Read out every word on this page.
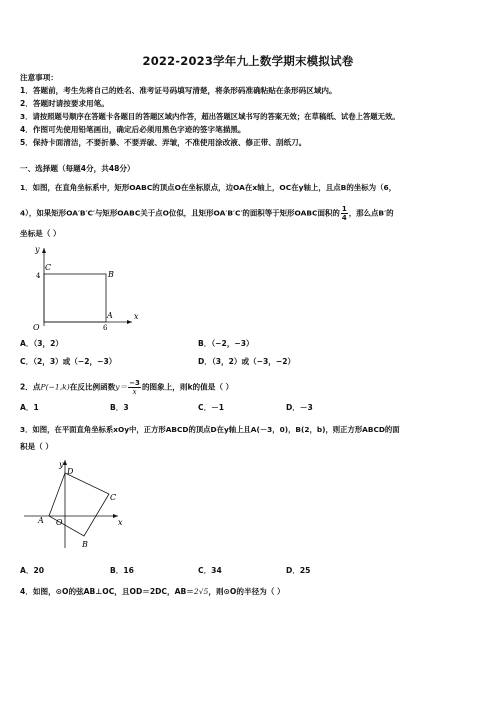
2022-2023学年九上数学期末模拟试卷
注意事项：
1．答题前，考生先将自己的姓名、准考证号码填写清楚，将条形码准确粘贴在条形码区域内。
2．答题时请按要求用笔。
3．请按照题号顺序在答题卡各题目的答题区域内作答，超出答题区域书写的答案无效；在草稿纸、试卷上答题无效。
4．作图可先使用铅笔画出，确定后必须用黑色字迹的签字笔描黑。
5．保持卡面清洁，不要折暴、不要弄破、弄皱，不准使用涂改液、修正带、刮纸刀。
一、选择题（每题4分，共48分）
1．如图，在直角坐标系中，矩形OABC的顶点O在坐标原点，边OA在x轴上，OC在y轴上，且点B的坐标为（6，
4），如果矩形OA′B′C′与矩形OABC关于点O位似，且矩形OA′B′C′的面积等于矩形OABC面积的 $\frac{1}{4}$ ，那么点B′的
坐标是（ ）
y
x
C
B
A
O
4
6
A．（3，2）	B．（−2，−3）
C．（2，3）或（−2，−3）	D．（3，2）或（−3，−2）
2．点P(−1,k)在反比例函数$y= \frac{-3}{x}$ 的图象上，则k的值是（ ）
A．1	B．3	C．－1	D．－3
3．如图，在平面直角坐标系xOy中，正方形ABCD的顶点D在y轴上且A(－3，0)，B(2，b)，则正方形ABCD的面
积是（ ）
y
x
D
C
A O
B
A．20	B．16	C．34	D．25
4．如图，⊙O的弦AB⊥OC，且OD＝2DC，AB＝2√5，则⊙O的半径为（ ）
